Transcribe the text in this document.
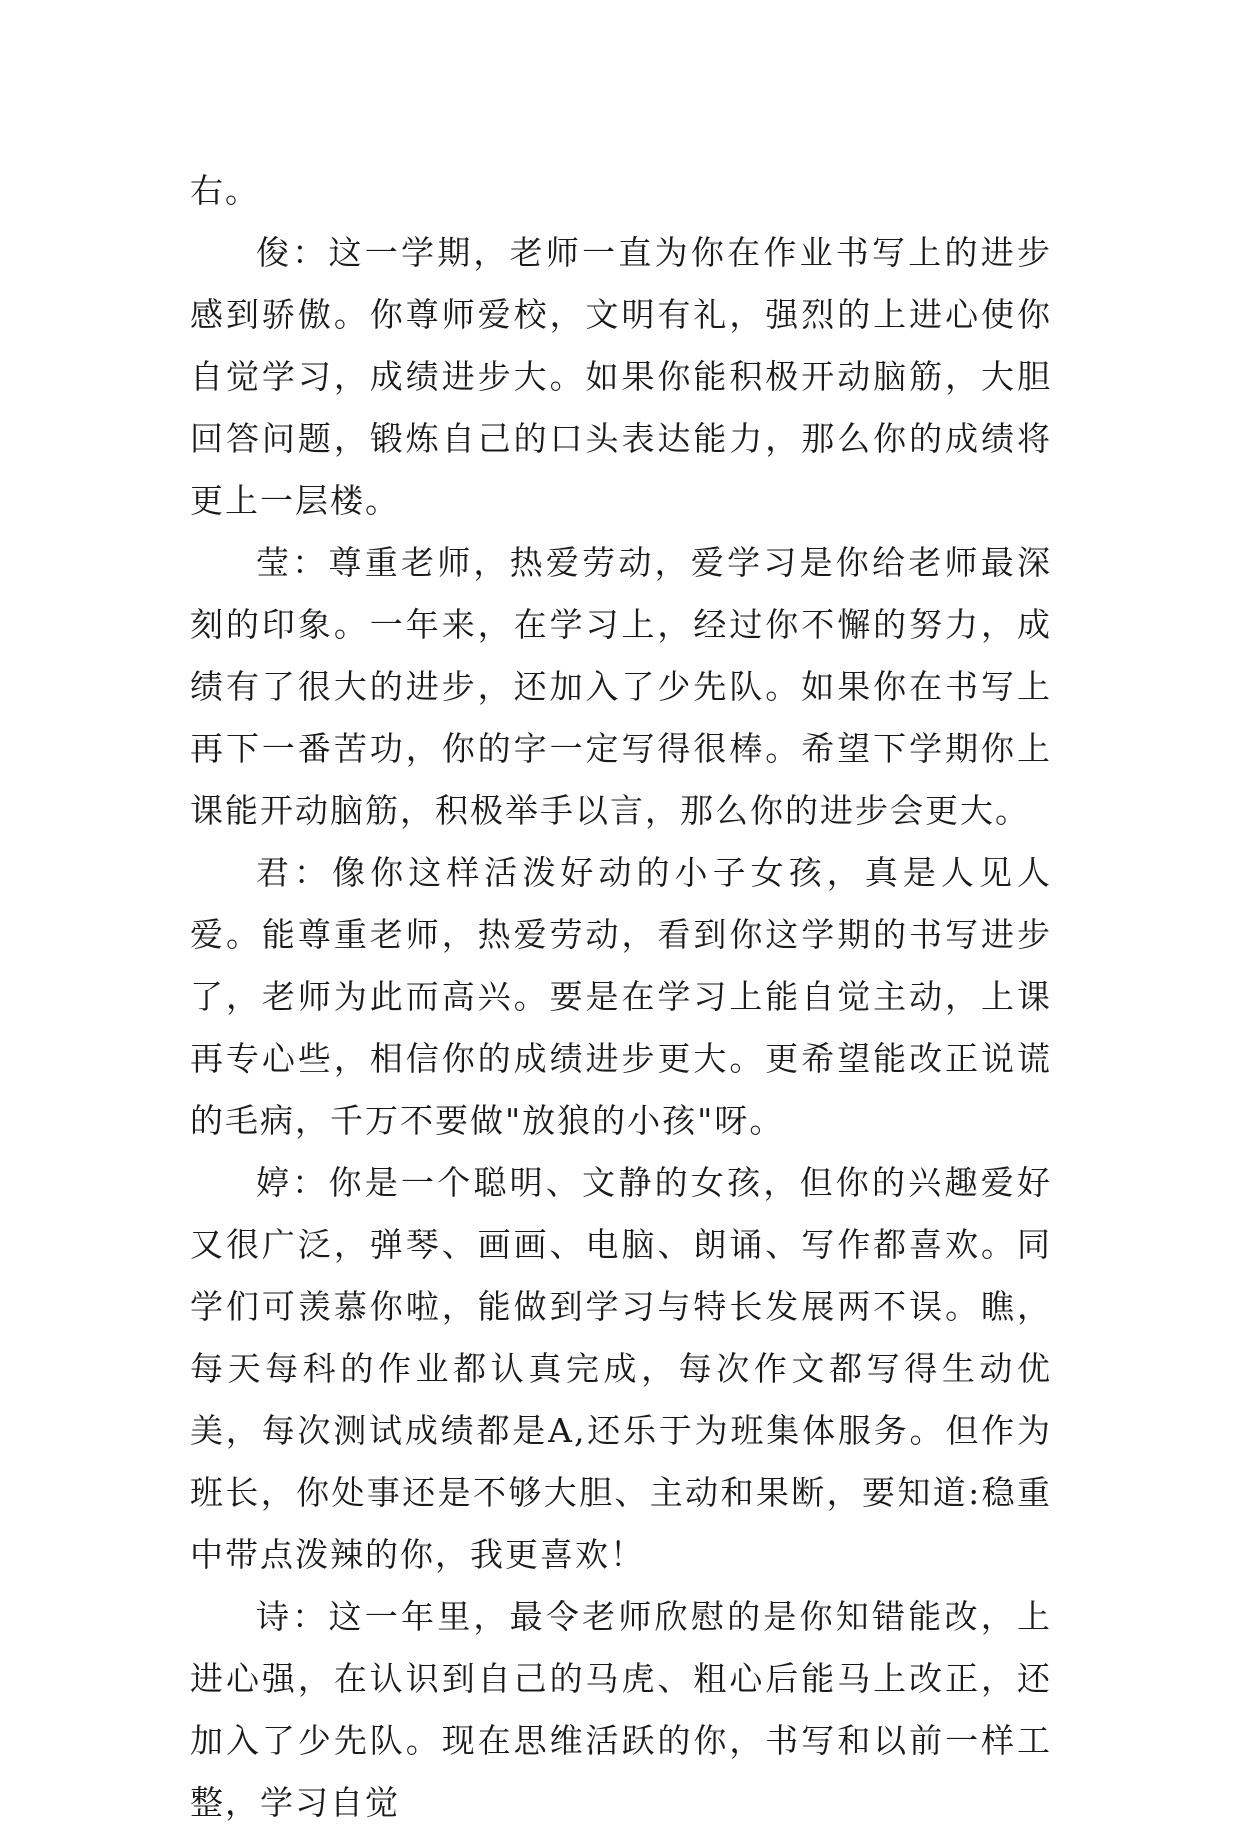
右。

俊：这一学期，老师一直为你在作业书写上的进步感到骄傲。你尊师爱校，文明有礼，强烈的上进心使你自觉学习，成绩进步大。如果你能积极开动脑筋，大胆回答问题，锻炼自己的口头表达能力，那么你的成绩将更上一层楼。

莹：尊重老师，热爱劳动，爱学习是你给老师最深刻的印象。一年来，在学习上，经过你不懈的努力，成绩有了很大的进步，还加入了少先队。如果你在书写上再下一番苦功，你的字一定写得很棒。希望下学期你上课能开动脑筋，积极举手以言，那么你的进步会更大。

君：像你这样活泼好动的小子女孩，真是人见人爱。能尊重老师，热爱劳动，看到你这学期的书写进步了，老师为此而高兴。要是在学习上能自觉主动，上课再专心些，相信你的成绩进步更大。更希望能改正说谎的毛病，千万不要做"放狼的小孩"呀。

婷：你是一个聪明、文静的女孩，但你的兴趣爱好又很广泛，弹琴、画画、电脑、朗诵、写作都喜欢。同学们可羡慕你啦，能做到学习与特长发展两不误。瞧，每天每科的作业都认真完成，每次作文都写得生动优美，每次测试成绩都是A,还乐于为班集体服务。但作为班长，你处事还是不够大胆、主动和果断，要知道:稳重中带点泼辣的你，我更喜欢！

诗：这一年里，最令老师欣慰的是你知错能改，上进心强，在认识到自己的马虎、粗心后能马上改正，还加入了少先队。现在思维活跃的你，书写和以前一样工整，学习自觉
